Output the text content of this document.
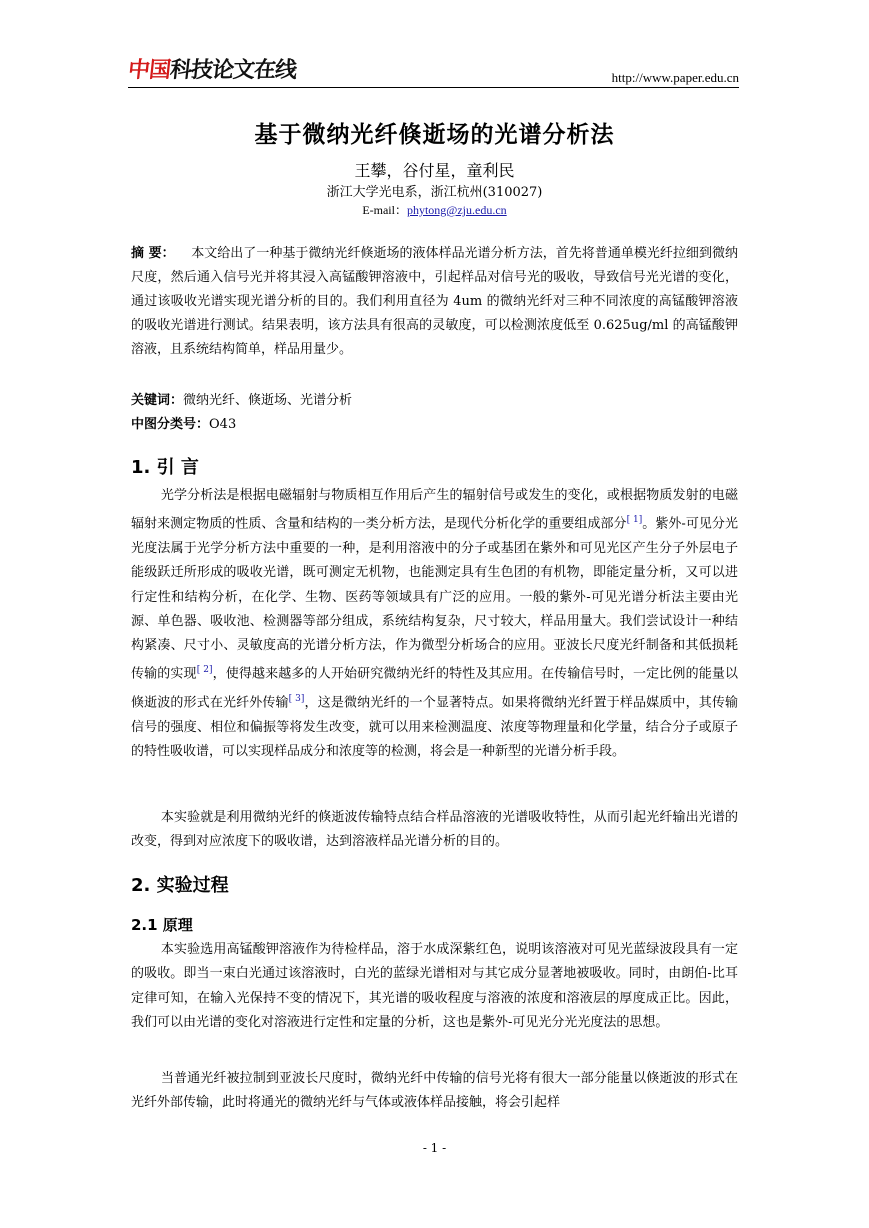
中国
科技论文在线	http://www.paper.edu.cn
基于微纳光纤倏逝场的光谱分析法
王攀，谷付星，童利民
浙江大学光电系，浙江杭州(310027)
E-mail：phytong@zju.edu.cn
摘 要： 本文给出了一种基于微纳光纤倏逝场的液体样品光谱分析方法，首先将普通单模光纤拉细到微纳尺度，然后通入信号光并将其浸入高锰酸钾溶液中，引起样品对信号光的吸收，导致信号光光谱的变化，通过该吸收光谱实现光谱分析的目的。我们利用直径为 4um 的微纳光纤对三种不同浓度的高锰酸钾溶液的吸收光谱进行测试。结果表明，该方法具有很高的灵敏度，可以检测浓度低至 0.625ug/ml 的高锰酸钾溶液，且系统结构简单，样品用量少。
关键词：微纳光纤、倏逝场、光谱分析
中图分类号：O43
1. 引 言
光学分析法是根据电磁辐射与物质相互作用后产生的辐射信号或发生的变化，或根据物质发射的电磁辐射来测定物质的性质、含量和结构的一类分析方法，是现代分析化学的重要组成部分[ 1]。紫外-可见分光光度法属于光学分析方法中重要的一种，是利用溶液中的分子或基团在紫外和可见光区产生分子外层电子能级跃迁所形成的吸收光谱，既可测定无机物，也能测定具有生色团的有机物，即能定量分析，又可以进行定性和结构分析，在化学、生物、医药等领域具有广泛的应用。一般的紫外-可见光谱分析法主要由光源、单色器、吸收池、检测器等部分组成，系统结构复杂，尺寸较大，样品用量大。我们尝试设计一种结构紧凑、尺寸小、灵敏度高的光谱分析方法，作为微型分析场合的应用。亚波长尺度光纤制备和其低损耗传输的实现[ 2]，使得越来越多的人开始研究微纳光纤的特性及其应用。在传输信号时，一定比例的能量以倏逝波的形式在光纤外传输[ 3]，这是微纳光纤的一个显著特点。如果将微纳光纤置于样品媒质中，其传输信号的强度、相位和偏振等将发生改变，就可以用来检测温度、浓度等物理量和化学量，结合分子或原子的特性吸收谱，可以实现样品成分和浓度等的检测，将会是一种新型的光谱分析手段。
本实验就是利用微纳光纤的倏逝波传输特点结合样品溶液的光谱吸收特性，从而引起光纤输出光谱的改变，得到对应浓度下的吸收谱，达到溶液样品光谱分析的目的。
2. 实验过程
2.1 原理
本实验选用高锰酸钾溶液作为待检样品，溶于水成深紫红色，说明该溶液对可见光蓝绿波段具有一定的吸收。即当一束白光通过该溶液时，白光的蓝绿光谱相对与其它成分显著地被吸收。同时，由朗伯-比耳定律可知，在输入光保持不变的情况下，其光谱的吸收程度与溶液的浓度和溶液层的厚度成正比。因此，我们可以由光谱的变化对溶液进行定性和定量的分析，这也是紫外-可见光分光光度法的思想。
当普通光纤被拉制到亚波长尺度时，微纳光纤中传输的信号光将有很大一部分能量以倏逝波的形式在光纤外部传输，此时将通光的微纳光纤与气体或液体样品接触，将会引起样
- 1 -
